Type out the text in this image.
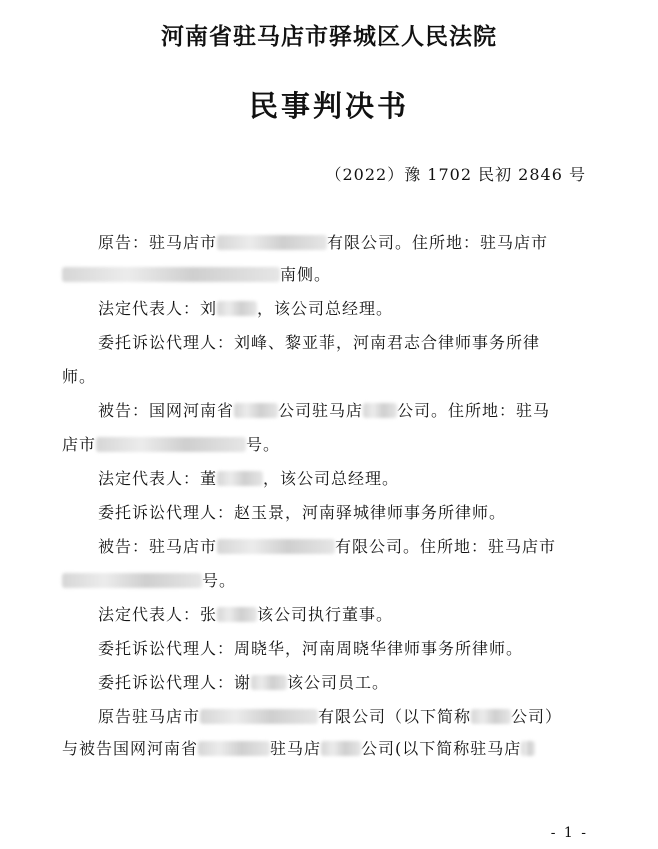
河南省驻马店市驿城区人民法院
民事判决书
（2022）豫 1702 民初 2846 号
原告：驻马店市	有限公司。住所地：驻马店市
南侧。
法定代表人：刘	，该公司总经理。
委托诉讼代理人：刘峰、黎亚菲，河南君志合律师事务所律
师。
被告：国网河南省	公司驻马店 公司。住所地：驻马
店市	号。
法定代表人：董	，该公司总经理。
委托诉讼代理人：赵玉景，河南驿城律师事务所律师。
被告：驻马店市	有限公司。住所地：驻马店市
号。
法定代表人：张	该公司执行董事。
委托诉讼代理人：周晓华，河南周晓华律师事务所律师。
委托诉讼代理人：谢 该公司员工。
原告驻马店市	有限公司（以下简称	公司）
与被告国网河南省	驻马店	公司(以下简称驻马店
- 1 -
